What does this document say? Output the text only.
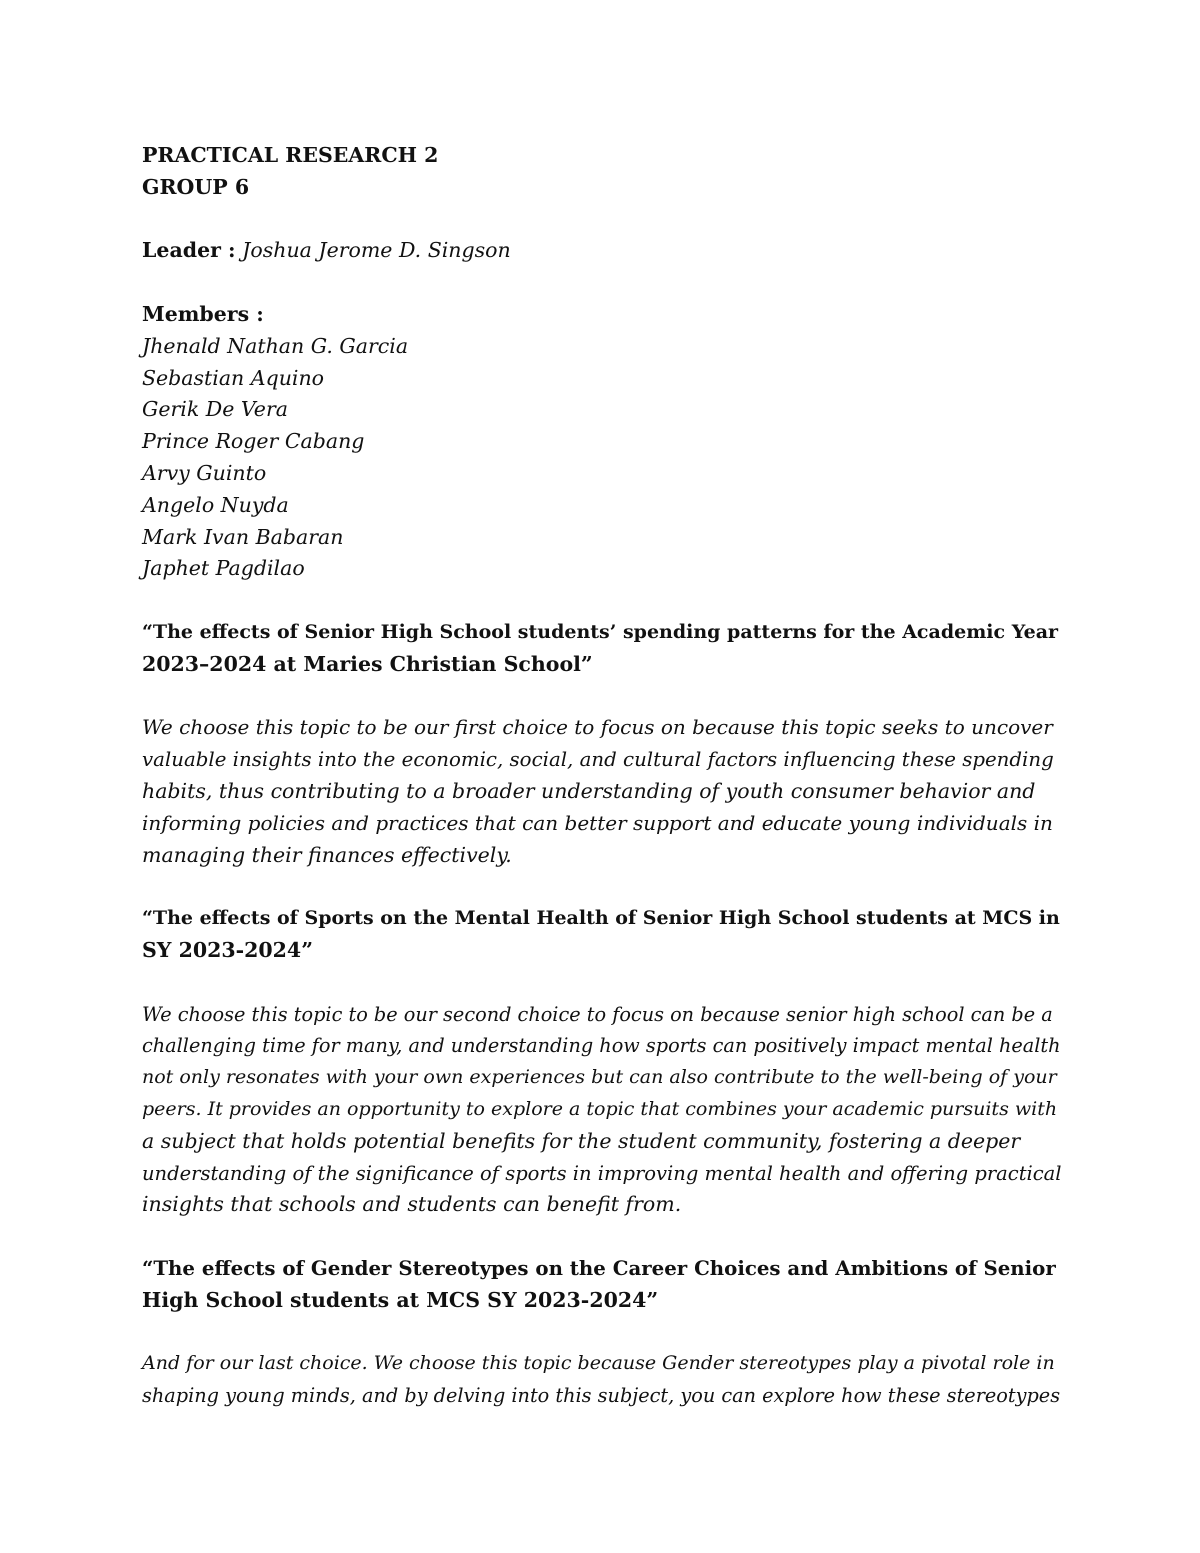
PRACTICAL RESEARCH 2

GROUP 6

Leader : Joshua Jerome D. Singson

Members :

Jhenald Nathan G. Garcia
Sebastian Aquino
Gerik De Vera
Prince Roger Cabang
Arvy Guinto
Angelo Nuyda
Mark Ivan Babaran
Japhet Pagdilao
“The effects of Senior High School students’ spending patterns for the Academic Year
2023–2024 at Maries Christian School”
We choose this topic to be our first choice to focus on because this topic seeks to uncover
valuable insights into the economic, social, and cultural factors influencing these spending
habits, thus contributing to a broader understanding of youth consumer behavior and
informing policies and practices that can better support and educate young individuals in
managing their finances effectively.
“The effects of Sports on the Mental Health of Senior High School students at MCS in
SY 2023-2024”
We choose this topic to be our second choice to focus on because senior high school can be a
challenging time for many, and understanding how sports can positively impact mental health
not only resonates with your own experiences but can also contribute to the well-being of your
peers. It provides an opportunity to explore a topic that combines your academic pursuits with
a subject that holds potential benefits for the student community, fostering a deeper
understanding of the significance of sports in improving mental health and offering practical
insights that schools and students can benefit from.
“The effects of Gender Stereotypes on the Career Choices and Ambitions of Senior
High School students at MCS SY 2023-2024”
And for our last choice. We choose this topic because Gender stereotypes play a pivotal role in
shaping young minds, and by delving into this subject, you can explore how these stereotypes
